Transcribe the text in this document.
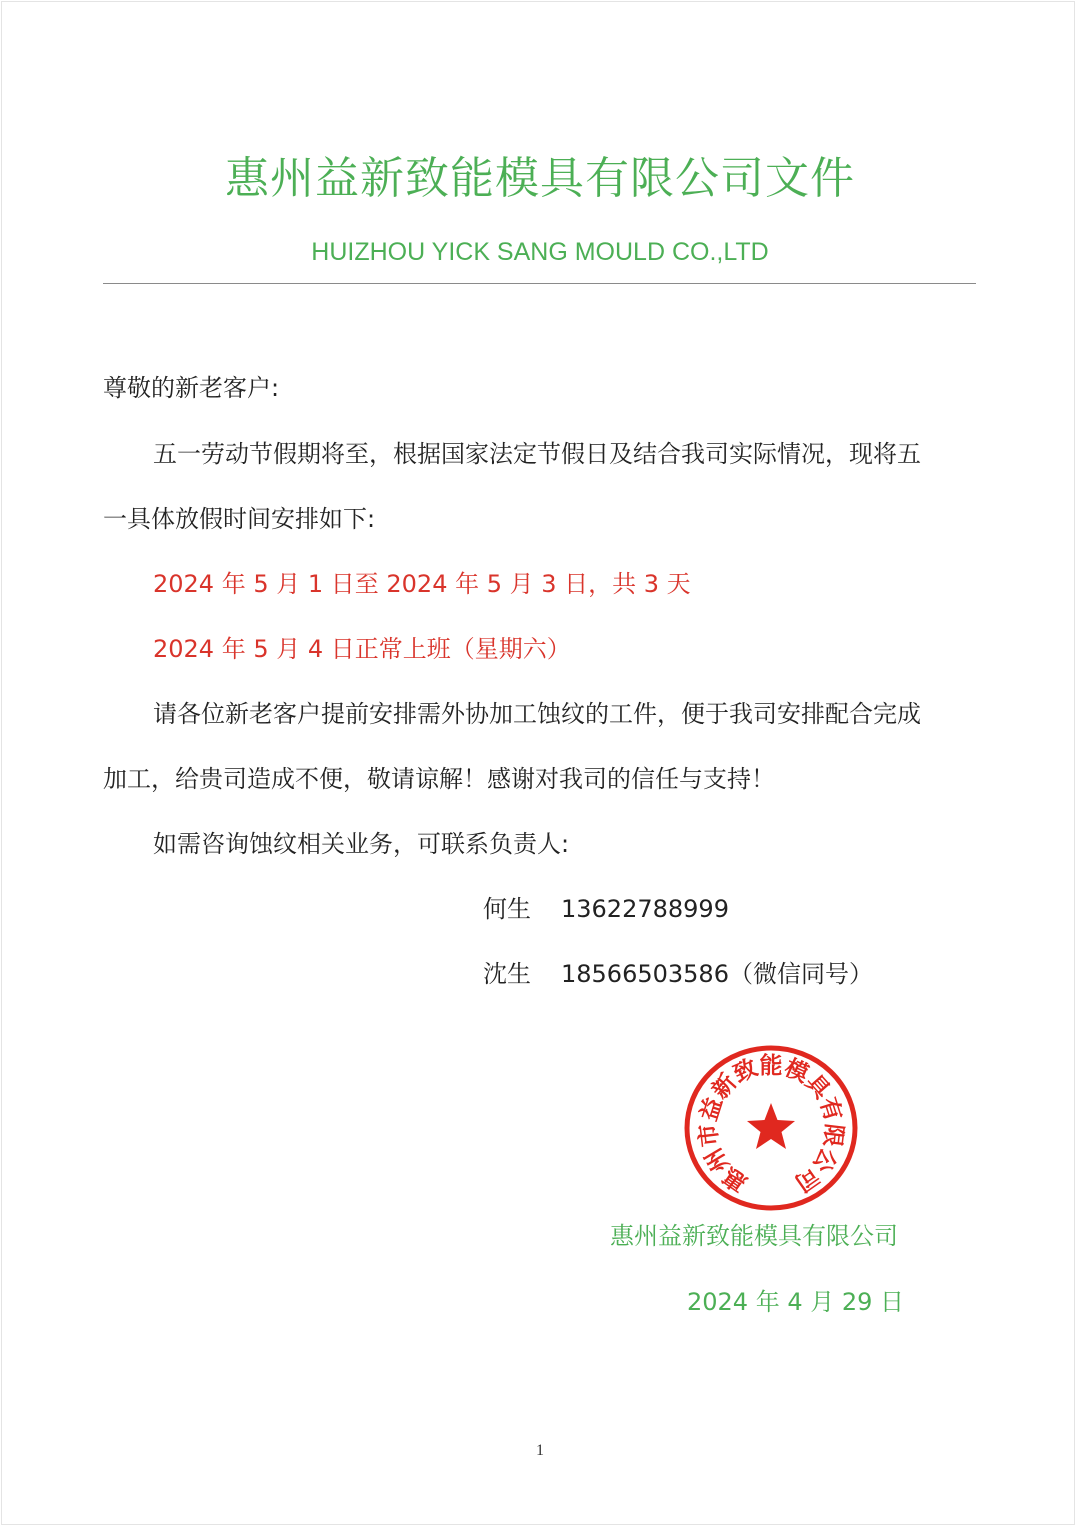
惠州益新致能模具有限公司文件
HUIZHOU YICK SANG MOULD CO.,LTD
尊敬的新老客户:
五一劳动节假期将至，根据国家法定节假日及结合我司实际情况，现将五
一具体放假时间安排如下:
2024 年 5 月 1 日至 2024 年 5 月 3 日，共 3 天
2024 年 5 月 4 日正常上班（星期六）
请各位新老客户提前安排需外协加工蚀纹的工件，便于我司安排配合完成
加工，给贵司造成不便，敬请谅解！感谢对我司的信任与支持！
如需咨询蚀纹相关业务，可联系负责人:
何生 13622788999
沈生 18566503586（微信同号）
惠
州
市
益
新
致
能
模
具
有
限
公
司
惠州益新致能模具有限公司
2024 年 4 月 29 日
1
